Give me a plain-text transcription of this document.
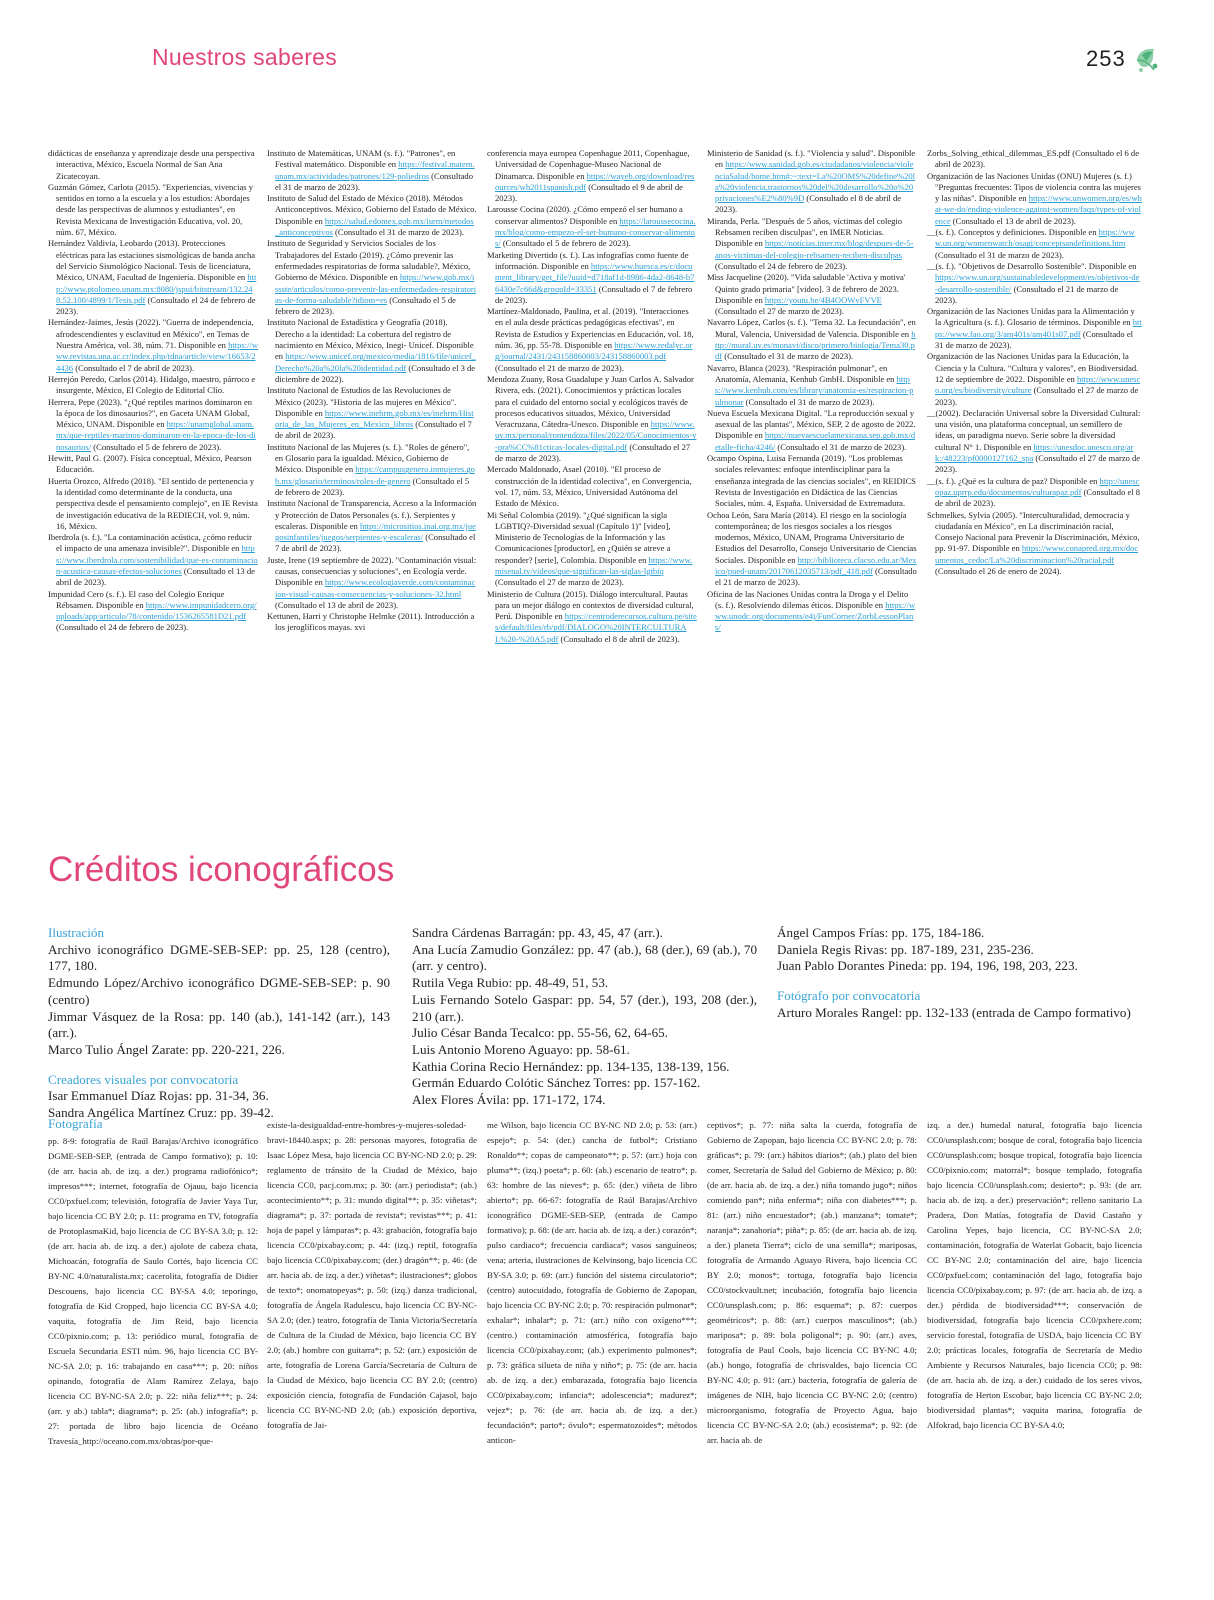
Nuestros saberes	253

didácticas de enseñanza y aprendizaje desde una perspectiva interactiva, México, Escuela Normal de San Ana Zicatecoyan.

Guzmán Gómez, Carlota (2015). "Experiencias, vivencias y sentidos en torno a la escuela y a los estudios: Abordajes desde las perspectivas de alumnos y estudiantes", en Revista Mexicana de Investigación Educativa, vol. 20, núm. 67, México.

Hernández Valdivia, Leobardo (2013). Protecciones eléctricas para las estaciones sismológicas de banda ancha del Servicio Sismológico Nacional. Tesis de licenciatura, México, UNAM, Facultad de Ingeniería. Disponible en http://www.ptolomeo.unam.mx:8080/jspui/bitstream/132.248.52.100/4899/1/Tesis.pdf (Consultado el 24 de febrero de 2023).

Hernández-Jaimes, Jesús (2022). "Guerra de independencia, afrodescendientes y esclavitud en México", en Temas de Nuestra América, vol. 38, núm. 71. Disponible en https://www.revistas.una.ac.cr/index.php/tdna/article/view/16653/24436 (Consultado el 7 de abril de 2023).

Herrejón Peredo, Carlos (2014). Hidalgo, maestro, párroco e insurgente, México, El Colegio de Editorial Clío.

Herrera, Pepe (2023). "¿Qué reptiles marinos dominaron en la época de los dinosaurios?", en Gaceta UNAM Global, México, UNAM. Disponible en https://unamglobal.unam.mx/que-reptiles-marinos-dominaron-en-la-epoca-de-los-dinosaurios/ (Consultado el 5 de febrero de 2023).

Hewitt, Paul G. (2007). Física conceptual, México, Pearson Educación.

Huerta Orozco, Alfredo (2018). "El sentido de pertenencia y la identidad como determinante de la conducta, una perspectiva desde el pensamiento complejo", en IE Revista de investigación educativa de la REDIECH, vol. 9, núm. 16, México.

Iberdrola (s. f.). "La contaminación acústica, ¿cómo reducir el impacto de una amenaza invisible?". Disponible en https://www.iberdrola.com/sostenibilidad/que-es-contaminacion-acustica-causas-efectos-soluciones (Consultado el 13 de abril de 2023).

Impunidad Cero (s. f.). El caso del Colegio Enrique Rébsamen. Disponible en https://www.impunidadcero.org/uploads/app/articulo/78/contenido/1536265581D21.pdf (Consultado el 24 de febrero de 2023).

Instituto de Matemáticas, UNAM (s. f.). "Patrones", en Festival matemático. Disponible en https://festival.matem.unam.mx/actividades/patrones/129-poliedros (Consultado el 31 de marzo de 2023).

Instituto de Salud del Estado de México (2018). Métodos Anticonceptivos. México, Gobierno del Estado de México. Disponible en https://salud.edomex.gob.mx/isem/metodos_anticonceptivos (Consultado el 31 de marzo de 2023).

Instituto de Seguridad y Servicios Sociales de los Trabajadores del Estado (2019). ¿Cómo prevenir las enfermedades respiratorias de forma saludable?, México, Gobierno de México. Disponible en https://www.gob.mx/issste/articulos/como-prevenir-las-enfermedades-respiratorias-de-forma-saludable?idiom=es (Consultado el 5 de febrero de 2023).

Instituto Nacional de Estadística y Geografía (2018). Derecho a la identidad: La cobertura del registro de nacimiento en México, México, Inegi- Unicef. Disponible en https://www.unicef.org/mexico/media/1816/file/unicef_Derecho%20a%20la%20identidad.pdf (Consultado el 3 de diciembre de 2022).

Instituto Nacional de Estudios de las Revoluciones de México (2023). "Historia de las mujeres en México". Disponible en https://www.inehrm.gob.mx/es/inehrm/Historia_de_las_Mujeres_en_Mexico_libros (Consultado el 7 de abril de 2023).

Instituto Nacional de las Mujeres (s. f.). "Roles de género", en Glosario para la igualdad. México, Gobierno de México. Disponible en https://campusgenero.inmujeres.gob.mx/glosario/terminos/roles-de-genero (Consultado el 5 de febrero de 2023).

Instituto Nacional de Transparencia, Acceso a la Información y Protección de Datos Personales (s. f.). Serpientes y escaleras. Disponible en https://micrositios.inai.org.mx/juegosinfantiles/juegos/serpientes-y-escaleras/ (Consultado el 7 de abril de 2023).

Juste, Irene (19 septiembre de 2022). "Contaminación visual: causas, consecuencias y soluciones", en Ecología verde. Disponible en https://www.ecologiaverde.com/contaminacion-visual-causas-consecuencias-y-soluciones-32.html (Consultado el 13 de abril de 2023).

Kettunen, Harri y Christophe Helmke (2011). Introducción a los jeroglíficos mayas. xvi

conferencia maya europea Copenhague 2011, Copenhague, Universidad de Copenhague-Museo Nacional de Dinamarca. Disponible en https://wayeb.org/download/resources/wh2011spanish.pdf (Consultado el 9 de abril de 2023).

Larousse Cocina (2020). ¿Cómo empezó el ser humano a conservar alimentos? Disponible en https://laroussecocina.mx/blog/como-empezo-el-ser-humano-conservar-alimentos/ (Consultado el 5 de febrero de 2023).

Marketing Divertido (s. f.). Las infografías como fuente de información. Disponible en https://www.huesca.es/c/document_library/get_file?uuid=d718af1d-8986-4da2-8648-b76430e7c66d&groupId=33351 (Consultado el 7 de febrero de 2023).

Martínez-Maldonado, Paulina, et al. (2019). "Interacciones en el aula desde prácticas pedagógicas efectivas", en Revista de Estudios y Experiencias en Educación, vol. 18, núm. 36, pp. 55-78. Disponible en https://www.redalyc.org/journal/2431/243158860003/243158860003.pdf (Consultado el 21 de marzo de 2023).

Mendoza Zuany, Rosa Guadalupe y Juan Carlos A. Salvador Rivera, eds. (2021). Conocimientos y prácticas locales para el cuidado del entorno social y ecológicos través de procesos educativos situados, México, Universidad Veracruzana, Cátedra-Unesco. Disponible en https://www.uv.mx/personal/romendoza/files/2022/05/Conocimientos-y-pra%CC%81cticas-locales-digital.pdf (Consultado el 27 de marzo de 2023).

Mercado Maldonado, Asael (2010). "El proceso de construcción de la identidad colectiva", en Convergencia, vol. 17, núm. 53, México, Universidad Autónoma del Estado de México.

Mi Señal Colombia (2019). "¿Qué significan la sigla LGBTIQ?-Diversidad sexual (Capítulo 1)" [video], Ministerio de Tecnologías de la Información y las Comunicaciones [productor], en ¿Quién se atreve a responder? [serie], Colombia. Disponible en https://www.misenal.tv/videos/que-significan-las-siglas-lgtbiq (Consultado el 27 de marzo de 2023).

Ministerio de Cultura (2015). Diálogo intercultural. Pautas para un mejor diálogo en contextos de diversidad cultural, Perú. Disponible en https://centroderecursos.cultura.pe/sites/default/files/rb/pdf/DIALOGO%20INTERCULTURAL%20-%20A5.pdf (Consultado el 8 de abril de 2023).

Ministerio de Sanidad (s. f.). "Violencia y salud". Disponible en https://www.sanidad.gob.es/ciudadanos/violencia/violenciaSalud/home.htm#:~:text=La%20OMS%20define%20la%20violencia,trastornos%20del%20desarrollo%20o%20privaciones%E2%80%9D (Consultado el 8 de abril de 2023).

Miranda, Perla. "Después de 5 años, víctimas del colegio Rebsamen reciben disculpas", en IMER Noticias. Disponible en https://noticias.imer.mx/blog/despues-de-5-anos-victimas-del-colegio-rebsamen-reciben-disculpas (Consultado el 24 de febrero de 2023).

Miss Jacqueline (2020). "Vida saludable 'Activa y motiva' Quinto grado primaria" [video]. 3 de febrero de 2023. Disponible en https://youtu.be/4B4OOWvFVVE (Consultado el 27 de marzo de 2023).

Navarro López, Carlos (s. f.). "Tema 32. La fecundación", en Mural, Valencia, Universidad de Valencia. Disponible en http://mural.uv.es/monavi/disco/primero/biologia/Tema30.pdf (Consultado el 31 de marzo de 2023).

Navarro, Blanca (2023). "Respiración pulmonar", en Anatomía, Alemania, Kenhub GmbH. Disponible en https://www.kenhub.com/es/library/anatomia-es/respiracion-pulmonar (Consultado el 31 de marzo de 2023).

Nueva Escuela Mexicana Digital. "La reproducción sexual y asexual de las plantas", México, SEP, 2 de agosto de 2022. Disponible en https://nuevaescuelamexicana.sep.gob.mx/detalle-ficha/4246/ (Consultado el 31 de marzo de 2023).

Ocampo Ospina, Luisa Fernanda (2019). "Los problemas sociales relevantes: enfoque interdisciplinar para la enseñanza integrada de las ciencias sociales", en REIDICS Revista de Investigación en Didáctica de las Ciencias Sociales, núm. 4, España. Universidad de Extremadura.

Ochoa León, Sara María (2014). El riesgo en la sociología contemporánea; de los riesgos sociales a los riesgos modernos, México, UNAM, Programa Universitario de Estudios del Desarrollo, Consejo Universitario de Ciencias Sociales. Disponible en http://biblioteca.clacso.edu.ar/Mexico/pued-unam/20170612035713/pdf_418.pdf (Consultado el 21 de marzo de 2023).

Oficina de las Naciones Unidas contra la Droga y el Delito (s. f.). Resolviendo dilemas éticos. Disponible en https://www.unodc.org/documents/e4j/FunCorner/ZorbLessonPlans/

Zorbs_Solving_ethical_dilemmas_ES.pdf (Consultado el 6 de abril de 2023).

Organización de las Naciones Unidas (ONU) Mujeres (s. f.) "Preguntas frecuentes: Tipos de violencia contra las mujeres y las niñas". Disponible en https://www.unwomen.org/es/what-we-do/ending-violence-against-women/faqs/types-of-violence (Consultado el 13 de abril de 2023).

__(s. f.). Conceptos y definiciones. Disponible en https://www.un.org/womenwatch/osagi/conceptsandefinitions.htm (Consultado el 31 de marzo de 2023).

__(s. f.). "Objetivos de Desarrollo Sostenible". Disponible en https://www.un.org/sustainabledevelopment/es/objetivos-de-desarrollo-sostenible/ (Consultado el 21 de marzo de 2023).

Organización de las Naciones Unidas para la Alimentación y la Agricultura (s. f.). Glosario de términos. Disponible en https://www.fao.org/3/am401s/am401s07.pdf (Consultado el 31 de marzo de 2023).

Organización de las Naciones Unidas para la Educación, la Ciencia y la Cultura. "Cultura y valores", en Biodiversidad. 12 de septiembre de 2022. Disponible en https://www.unesco.org/es/biodiversity/culture (Consultado el 27 de marzo de 2023).

__(2002). Declaración Universal sobre la Diversidad Cultural: una visión, una plataforma conceptual, un semillero de ideas, un paradigma nuevo. Serie sobre la diversidad cultural N° 1. Disponible en https://unesdoc.unesco.org/ark:/48223/pf0000127162_spa (Consultado el 27 de marzo de 2023).

__(s. f.). ¿Qué es la cultura de paz? Disponible en http://unescopaz.uprrp.edu/documentos/culturapaz.pdf (Consultado el 8 de abril de 2023).

Schmelkes, Sylvia (2005). "Interculturalidad, democracia y ciudadanía en México", en La discriminación racial, Consejo Nacional para Prevenir la Discriminación, México, pp. 91-97. Disponible en https://www.conapred.org.mx/documentos_cedoc/La%20discriminacion%20racial.pdf (Consultado el 26 de enero de 2024).

Créditos iconográficos

Ilustración

Archivo iconográfico DGME-SEB-SEP: pp. 25, 128 (centro), 177, 180.

Edmundo López/Archivo iconográfico DGME-SEB-SEP: p. 90 (centro)

Jimmar Vásquez de la Rosa: pp. 140 (ab.), 141-142 (arr.), 143 (arr.).

Marco Tulio Ángel Zarate: pp. 220-221, 226.

Creadores visuales por convocatoria

Isar Emmanuel Díaz Rojas: pp. 31-34, 36.

Sandra Angélica Martínez Cruz: pp. 39-42.

Sandra Cárdenas Barragán: pp. 43, 45, 47 (arr.).

Ana Lucía Zamudio González: pp. 47 (ab.), 68 (der.), 69 (ab.), 70 (arr. y centro).

Rutila Vega Rubio: pp. 48-49, 51, 53.

Luis Fernando Sotelo Gaspar: pp. 54, 57 (der.), 193, 208 (der.), 210 (arr.).

Julio César Banda Tecalco: pp. 55-56, 62, 64-65.

Luis Antonio Moreno Aguayo: pp. 58-61.

Kathia Corina Recio Hernández: pp. 134-135, 138-139, 156.

Germán Eduardo Colótic Sánchez Torres: pp. 157-162.

Alex Flores Ávila: pp. 171-172, 174.

Ángel Campos Frías: pp. 175, 184-186.

Daniela Regis Rivas: pp. 187-189, 231, 235-236.

Juan Pablo Dorantes Pineda: pp. 194, 196, 198, 203, 223.

Fotógrafo por convocatoria

Arturo Morales Rangel: pp. 132-133 (entrada de Campo formativo)

Fotografía

pp. 8-9: fotografía de Raúl Barajas/Archivo iconográfico DGME-SEB-SEP, (entrada de Campo formativo); p. 10: (de arr. hacia ab. de izq. a der.) programa radiofónico*; impresos***; internet, fotografía de Ojauu, bajo licencia CC0/pxfuel.com; televisión, fotografía de Javier Yaya Tur, bajo licencia CC BY 2.0; p. 11: programa en TV, fotografía de ProtoplasmaKid, bajo licencia de CC BY-SA 3.0; p. 12: (de arr. hacia ab. de izq. a der.) ajolote de cabeza chata, Michoacán, fotografía de Saulo Cortés, bajo licencia CC BY-NC 4.0/naturalista.mx; cacerolita, fotografía de Didier Descouens, bajo licencia CC BY-SA 4.0; teporingo, fotografía de Kid Cropped, bajo licencia CC BY-SA 4.0; vaquita, fotografía de Jim Reid, bajo licencia CC0/pixnio.com; p. 13: periódico mural, fotografía de Escuela Secundaria ESTI núm. 96, bajo licencia CC BY-NC-SA 2.0; p. 16: trabajando en casa***; p. 20: niños opinando, fotografía de Alam Ramírez Zelaya, bajo licencia CC BY-NC-SA 2.0; p. 22: niña feliz***; p. 24: (arr. y ab.) tabla*; diagrama*; p. 25: (ab.) infografía*; p. 27: portada de libro bajo licencia de Océano Travesía_http://oceano.com.mx/obras/por-que-

existe-la-desigualdad-entre-hombres-y-mujeres-soledad-bravi-18440.aspx; p. 28: personas mayores, fotografía de Isaac López Mesa, bajo licencia CC BY-NC-ND 2.0; p. 29: reglamento de tránsito de la Ciudad de México, bajo licencia CC0, pacj.com.mx; p. 30: (arr.) periodista*; (ab.) acontecimiento**; p. 31: mundo digital**; p. 35: viñetas*; diagrama*; p. 37: portada de revista*; revistas***; p. 41: hoja de papel y lámparas*; p. 43: grabación, fotografía bajo licencia CC0/pixabay.com; p. 44: (izq.) reptil, fotografía bajo licencia CC0/pixabay.com; (der.) dragón**; p. 46: (de arr. hacia ab. de izq. a der.) viñetas*; ilustraciones*; globos de texto*; onomatopeyas*; p. 50: (izq.) danza tradicional, fotografía de Ángela Radulescu, bajo licencia CC BY-NC-SA 2.0; (der.) teatro, fotografía de Tania Victoria/Secretaría de Cultura de la Ciudad de México, bajo licencia CC BY 2.0; (ab.) hombre con guitarra*; p. 52: (arr.) exposición de arte, fotografía de Lorena García/Secretaría de Cultura de la Ciudad de México, bajo licencia CC BY 2.0; (centro) exposición ciencia, fotografía de Fundación Cajasol, bajo licencia CC BY-NC-ND 2.0; (ab.) exposición deportiva, fotografía de Jai-

me Wilson, bajo licencia CC BY-NC ND 2.0; p. 53: (arr.) espejo*; p. 54: (der.) cancha de futbol*; Cristiano Ronaldo**; copas de campeonato**; p. 57: (arr.) hoja con pluma**; (izq.) poeta*; p. 60: (ab.) escenario de teatro*; p. 63: hombre de las nieves*; p. 65: (der.) viñeta de libro abierto*; pp. 66-67: fotografía de Raúl Barajas/Archivo iconográfico DGME-SEB-SEP, (entrada de Campo formativo); p. 68: (de arr. hacia ab. de izq. a der.) corazón*; pulso cardiaco*; frecuencia cardiaca*; vasos sanguíneos; vena; arteria, ilustraciones de Kelvinsong, bajo licencia CC BY-SA 3.0; p. 69: (arr.) función del sistema circulatorio*; (centro) autocuidado, fotografía de Gobierno de Zapopan, bajo licencia CC BY-NC 2.0; p. 70: respiración pulmonar*; exhalar*; inhalar*; p. 71: (arr.) niño con oxígeno***; (centro.) contaminación atmosférica, fotografía bajo licencia CC0/pixabay.com; (ab.) experimento pulmones*; p. 73: gráfica silueta de niña y niño*; p. 75: (de arr. hacia ab. de izq. a der.) embarazada, fotografía bajo licencia CC0/pixabay.com; infancia*; adolescencia*; madurez*; vejez*; p. 76: (de arr. hacia ab. de izq. a der.) fecundación*; parto*; óvulo*; espermatozoides*; métodos anticon-

ceptivos*; p. 77: niña salta la cuerda, fotografía de Gobierno de Zapopan, bajo licencia CC BY-NC 2.0; p. 78: gráficas*; p. 79: (arr.) hábitos diarios*; (ab.) plato del bien comer, Secretaría de Salud del Gobierno de México; p. 80: (de arr. hacia ab. de izq. a der.) niña tomando jugo*; niños comiendo pan*; niña enferma*; niña con diabetes***; p. 81: (arr.) niño encuestador*; (ab.) manzana*; tomate*; naranja*; zanahoria*; piña*; p. 85: (de arr. hacia ab. de izq. a der.) planeta Tierra*; ciclo de una semilla*; mariposas, fotografía de Armando Aguayo Rivera, bajo licencia CC BY 2.0; monos*; tortuga, fotografía bajo licencia CC0/stockvault.net; incubación, fotografía bajo licencia CC0/unsplash.com; p. 86: esquema*; p. 87: cuerpos geométricos*; p. 88: (arr.) cuerpos masculinos*; (ab.) mariposa*; p. 89: bola poligonal*; p. 90: (arr.) aves, fotografía de Paul Cools, bajo licencia CC BY-NC 4.0; (ab.) hongo, fotografía de chrisvaldes, bajo licencia CC BY-NC 4.0; p. 91: (arr.) bacteria, fotografía de galería de imágenes de NIH, bajo licencia CC BY-NC 2.0; (centro) microorganismo, fotografía de Proyecto Agua, bajo licencia CC BY-NC-SA 2.0; (ab.) ecosistema*; p. 92: (de arr. hacia ab. de

izq. a der.) humedal natural, fotografía bajo licencia CC0/unsplash.com; bosque de coral, fotografía bajo licencia CC0/unsplash.com; bosque tropical, fotografía bajo licencia CC0/pixnio.com; matorral*; bosque templado, fotografía bajo licencia CC0/unsplash.com; desierto*; p. 93: (de arr. hacia ab. de izq. a der.) preservación*; relleno sanitario La Pradera, Don Matías, fotografía de David Castaño y Carolina Yepes, bajo licencia, CC BY-NC-SA 2.0; contaminación, fotografía de Waterlat Gobacit, bajo licencia CC BY-NC 2.0; contaminación del aire, bajo licencia CC0/pxfuel.com; contaminación del lago, fotografía bajo licencia CC0/pixabay.com; p. 97: (de arr. hacia ab. de izq. a der.) pérdida de biodiversidad***; conservación de biodiversidad, fotografía bajo licencia CC0/pxhere.com; servicio forestal, fotografía de USDA, bajo licencia CC BY 2.0; prácticas locales, fotografía de Secretaría de Medio Ambiente y Recursos Naturales, bajo licencia CC0; p. 98: (de arr. hacia ab. de izq. a der.) cuidado de los seres vivos, fotografía de Herton Escobar, bajo licencia CC BY-NC 2.0; biodiversidad plantas*; vaquita marina, fotografía de Alfokrad, bajo licencia CC BY-SA 4.0;
